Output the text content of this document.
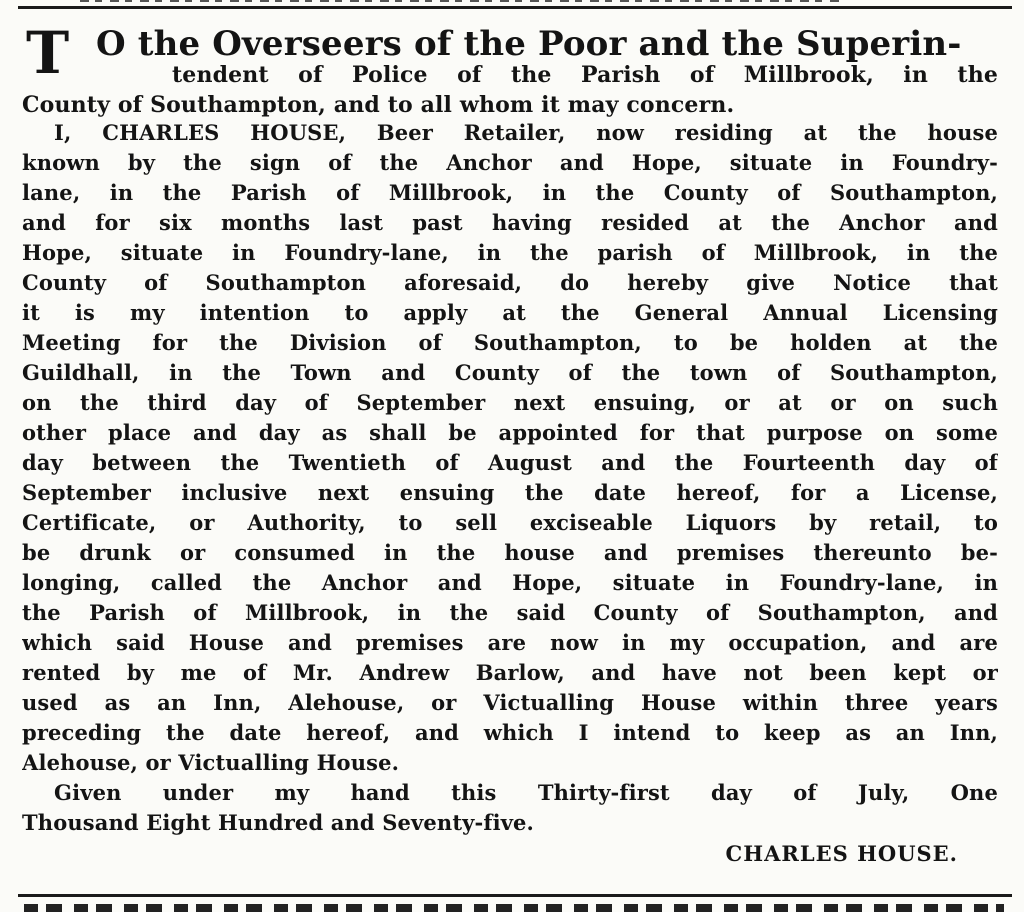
T O the Overseers of the Poor and the Superin-
tendent of Police of the Parish of Millbrook, in the
County of Southampton, and to all whom it may concern.
I, CHARLES HOUSE, Beer Retailer, now residing at the house
known by the sign of the Anchor and Hope, situate in Foundry-
lane, in the Parish of Millbrook, in the County of Southampton,
and for six months last past having resided at the Anchor and
Hope, situate in Foundry-lane, in the parish of Millbrook, in the
County of Southampton aforesaid, do hereby give Notice that
it is my intention to apply at the General Annual Licensing
Meeting for the Division of Southampton, to be holden at the
Guildhall, in the Town and County of the town of Southampton,
on the third day of September next ensuing, or at or on such
other place and day as shall be appointed for that purpose on some
day between the Twentieth of August and the Fourteenth day of
September inclusive next ensuing the date hereof, for a License,
Certificate, or Authority, to sell exciseable Liquors by retail, to
be drunk or consumed in the house and premises thereunto be-
longing, called the Anchor and Hope, situate in Foundry-lane, in
the Parish of Millbrook, in the said County of Southampton, and
which said House and premises are now in my occupation, and are
rented by me of Mr. Andrew Barlow, and have not been kept or
used as an Inn, Alehouse, or Victualling House within three years
preceding the date hereof, and which I intend to keep as an Inn,
Alehouse, or Victualling House.
Given under my hand this Thirty-first day of July, One
Thousand Eight Hundred and Seventy-five.
CHARLES HOUSE.
